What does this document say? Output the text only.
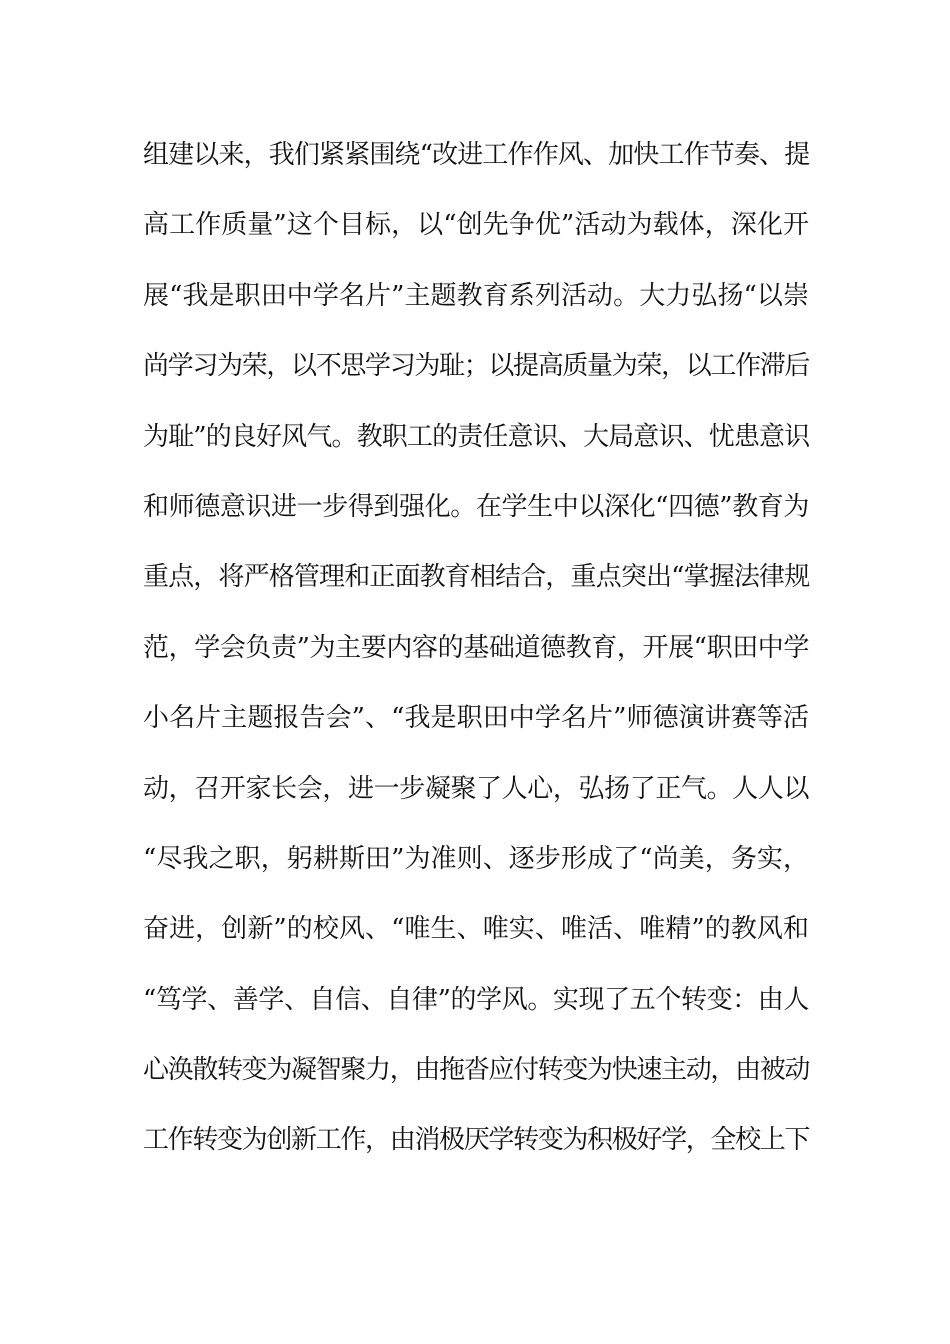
组建以来，我们紧紧围绕“改进工作作风、加快工作节奏、提
高工作质量”这个目标，以“创先争优”活动为载体，深化开
展“我是职田中学名片”主题教育系列活动。大力弘扬“以崇
尚学习为荣，以不思学习为耻；以提高质量为荣，以工作滞后
为耻”的良好风气。教职工的责任意识、大局意识、忧患意识
和师德意识进一步得到强化。在学生中以深化“四德”教育为
重点，将严格管理和正面教育相结合，重点突出“掌握法律规
范，学会负责”为主要内容的基础道德教育，开展“职田中学
小名片主题报告会”、“我是职田中学名片”师德演讲赛等活
动，召开家长会，进一步凝聚了人心，弘扬了正气。人人以
“尽我之职，躬耕斯田”为准则、逐步形成了“尚美，务实，
奋进，创新”的校风、“唯生、唯实、唯活、唯精”的教风和
“笃学、善学、自信、自律”的学风。实现了五个转变：由人
心涣散转变为凝智聚力，由拖沓应付转变为快速主动，由被动
工作转变为创新工作，由消极厌学转变为积极好学，全校上下
